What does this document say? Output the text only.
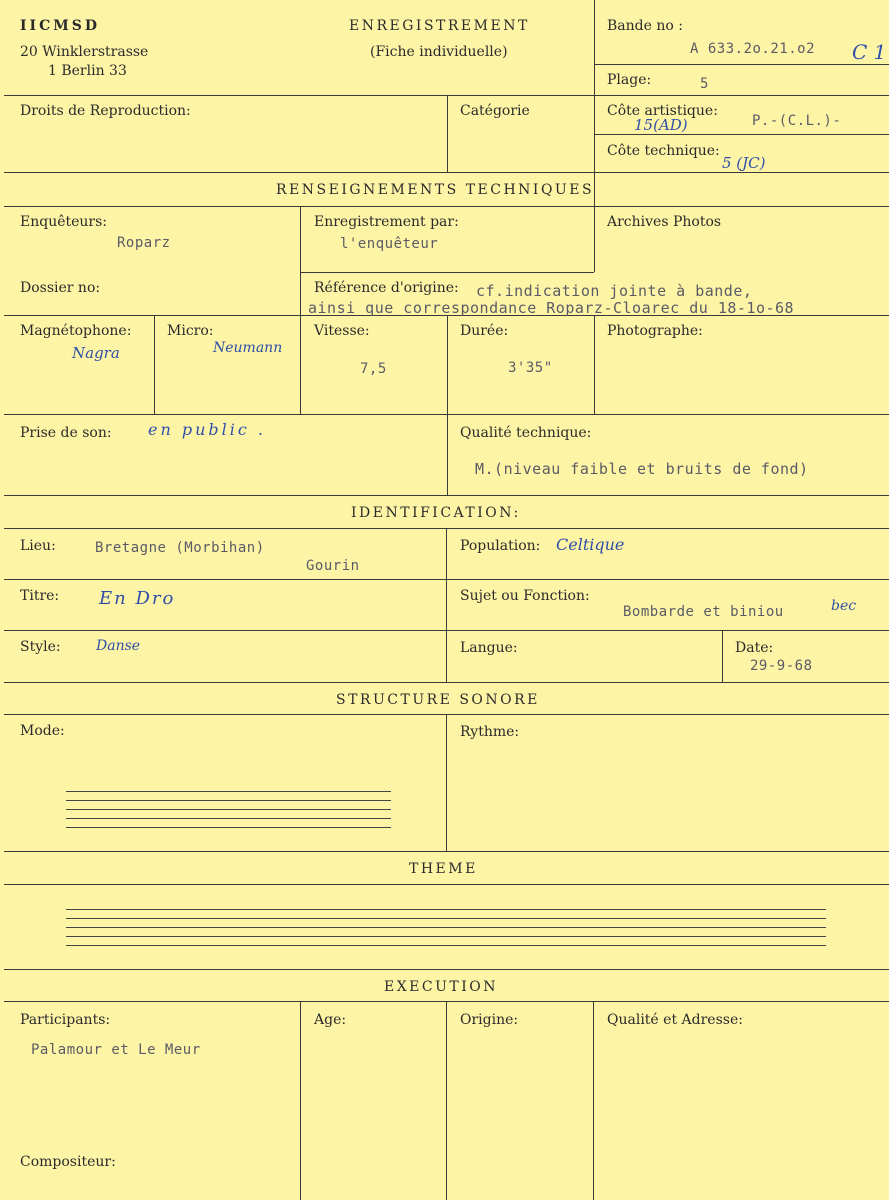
IICMSD
20 Winklerstrasse
1 Berlin 33
ENREGISTREMENT
(Fiche individuelle)
Bande no :
A 633.2o.21.o2 C 1
Plage:	5
Droits de Reproduction:	Catégorie	Côte artistique:
P.-(C.L.)-
15(AD)
Côte technique:
5 (JC)
RENSEIGNEMENTS TECHNIQUES
Enquêteurs:
Roparz
Enregistrement par:
l'enquêteur
Archives Photos
Dossier no:	Référence d'origine: cf.indication jointe à bande,
ainsi que correspondance Roparz-Cloarec du 18-1o-68
Magnétophone:
Nagra
Micro:
Neumann
Vitesse:
7,5
Durée:
3'35"
Photographe:
Prise de son: en public .	Qualité technique:
M.(niveau faible et bruits de fond)
IDENTIFICATION:
Lieu:	Bretagne (Morbihan)
Gourin
Population: Celtique
Titre: En Dro	Sujet ou Fonction:
Bombarde et biniou	bec
Style:	Danse	Langue:	Date:
29-9-68
STRUCTURE SONORE
Mode:	Rythme:
THEME
EXECUTION
Participants:
Palamour et Le Meur
Age:	Origine:	Qualité et Adresse:
Compositeur:
